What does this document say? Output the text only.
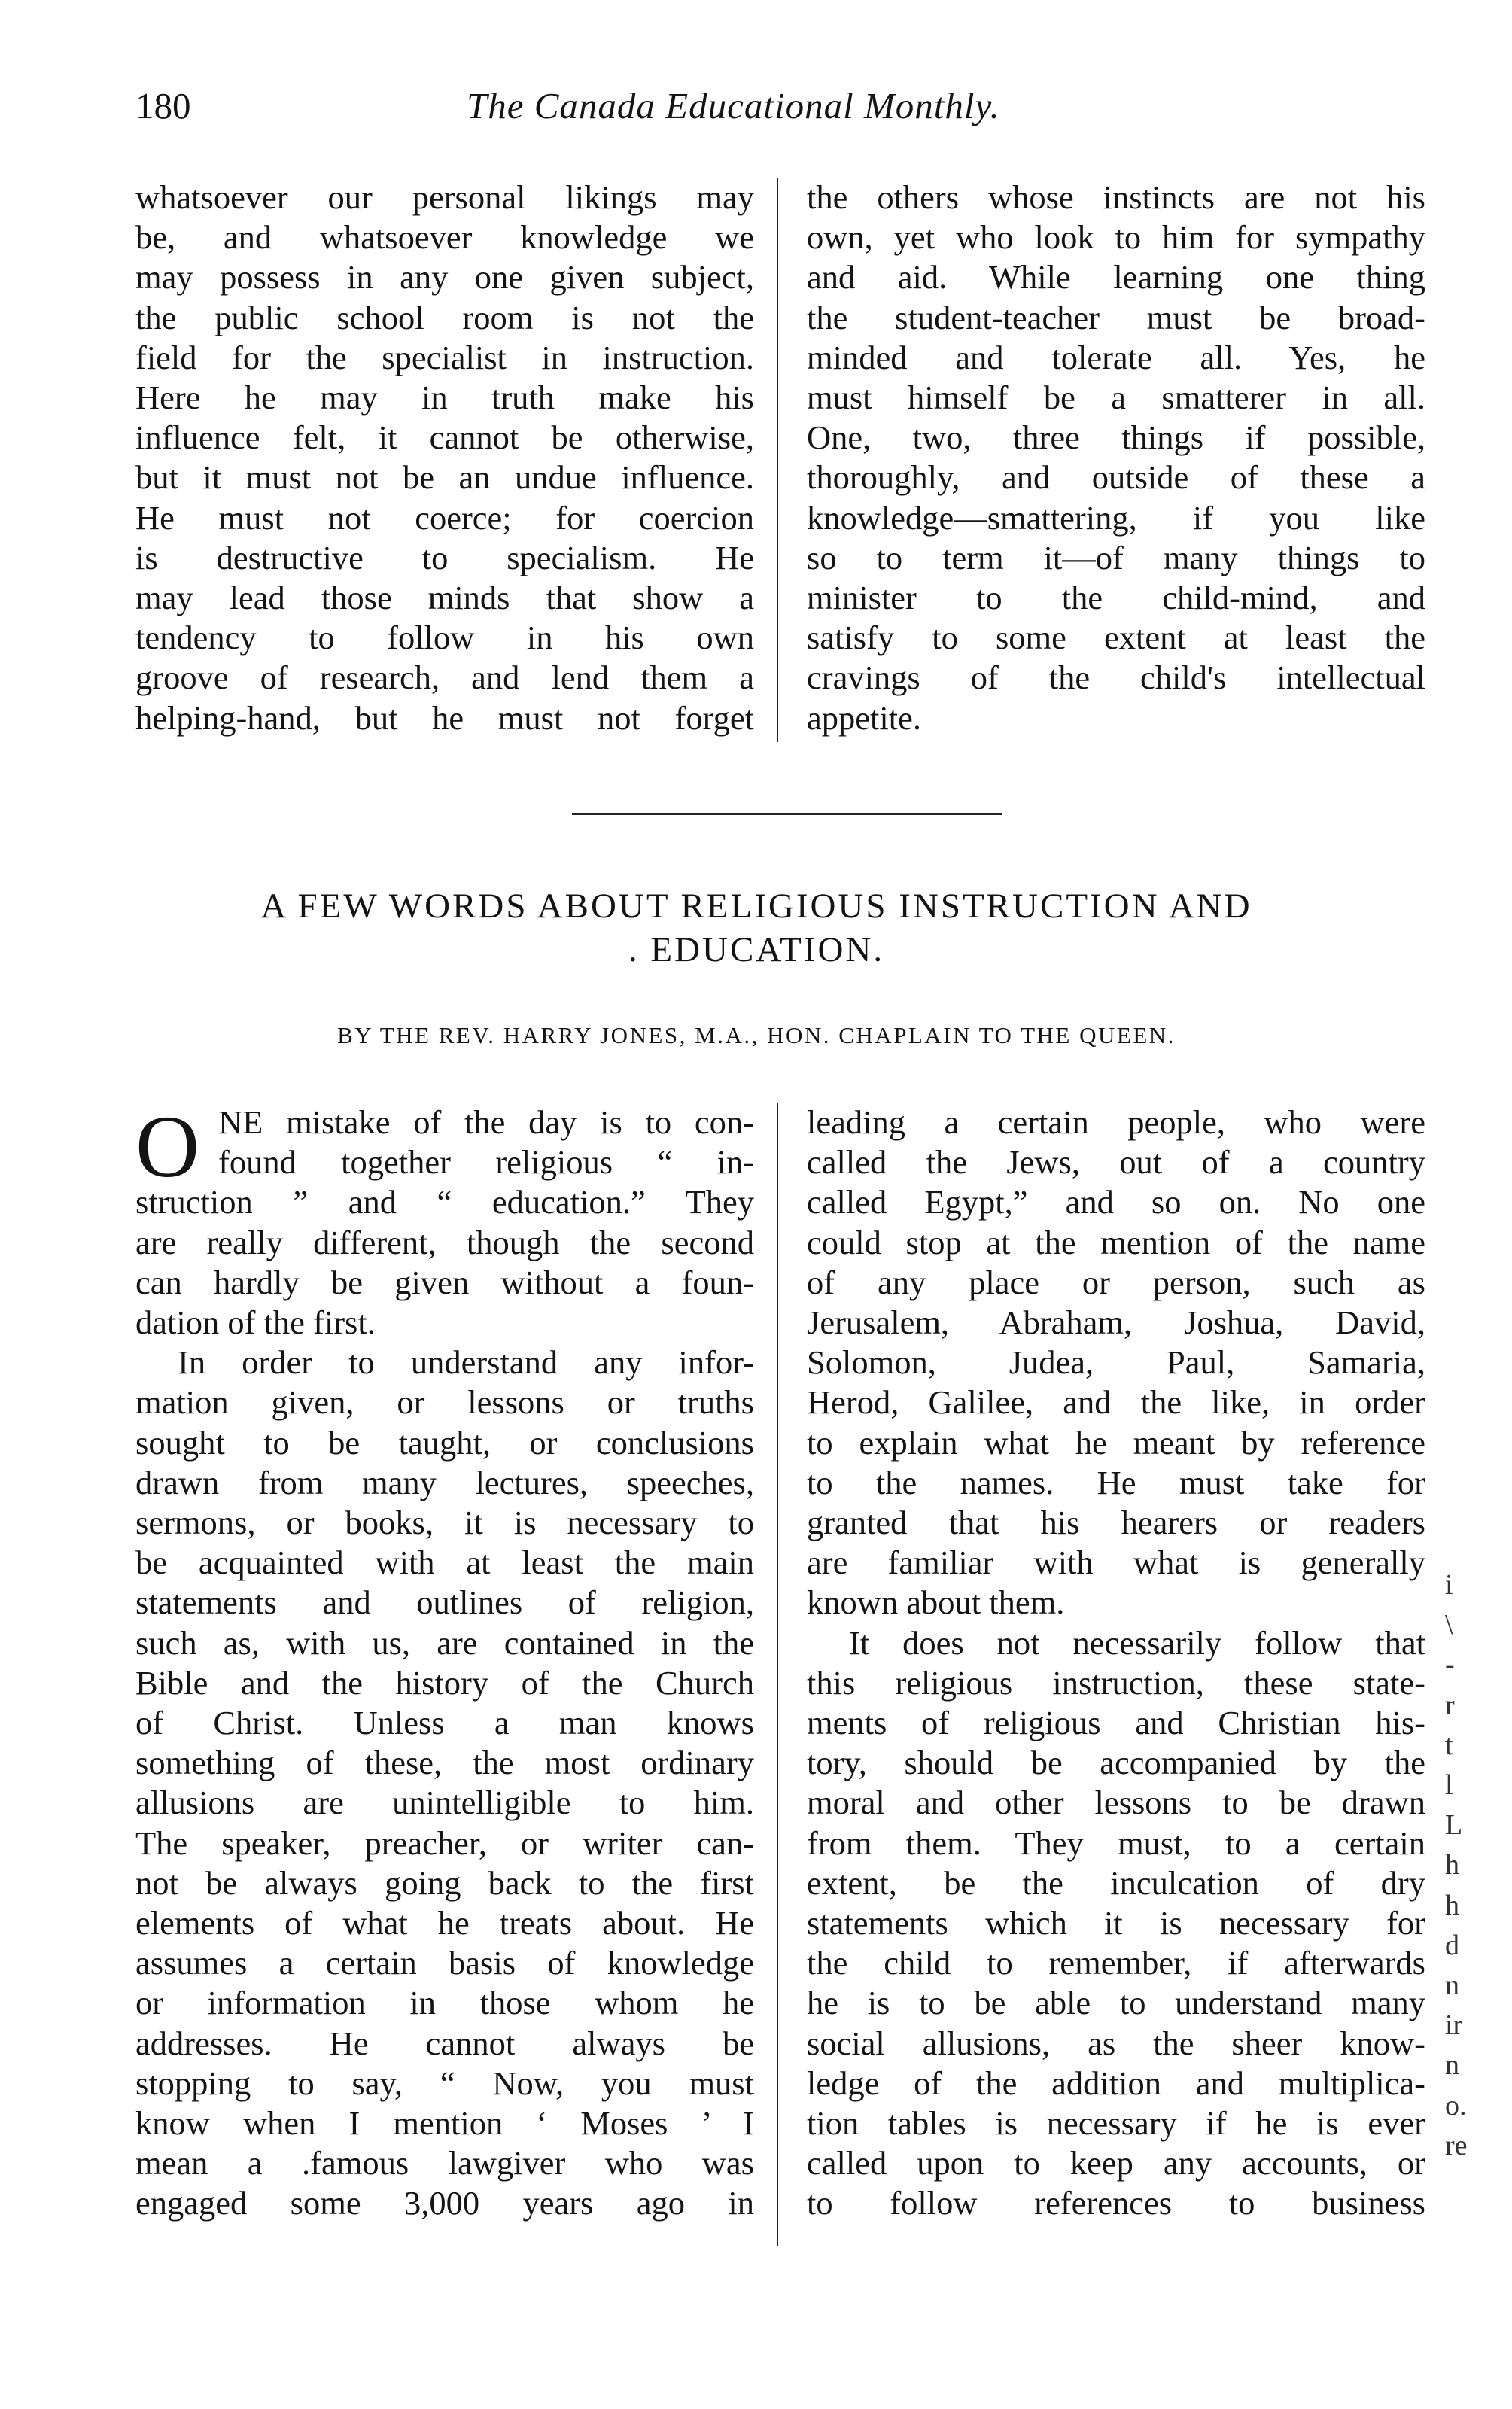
180	The Canada Educational Monthly.
whatsoever our personal likings may
be, and whatsoever knowledge we
may possess in any one given subject,
the public school room is not the
field for the specialist in instruction.
Here he may in truth make his
influence felt, it cannot be otherwise,
but it must not be an undue influence.
He must not coerce; for coercion
is destructive to specialism. He
may lead those minds that show a
tendency to follow in his own
groove of research, and lend them a
helping-hand, but he must not forget
the others whose instincts are not his
own, yet who look to him for sympathy
and aid. While learning one thing
the student-teacher must be broad-
minded and tolerate all. Yes, he
must himself be a smatterer in all.
One, two, three things if possible,
thoroughly, and outside of these a
knowledge—smattering, if you like
so to term it—of many things to
minister to the child-mind, and
satisfy to some extent at least the
cravings of the child's intellectual
appetite.
A FEW WORDS ABOUT RELIGIOUS INSTRUCTION AND
. EDUCATION.
BY THE REV. HARRY JONES, M.A., HON. CHAPLAIN TO THE QUEEN.
O NE mistake of the day is to con-
found together religious “ in-
struction ” and “ education.” They
are really different, though the second
can hardly be given without a foun-
dation of the first.
In order to understand any infor-
mation given, or lessons or truths
sought to be taught, or conclusions
drawn from many lectures, speeches,
sermons, or books, it is necessary to
be acquainted with at least the main
statements and outlines of religion,
such as, with us, are contained in the
Bible and the history of the Church
of Christ. Unless a man knows
something of these, the most ordinary
allusions are unintelligible to him.
The speaker, preacher, or writer can-
not be always going back to the first
elements of what he treats about. He
assumes a certain basis of knowledge
or information in those whom he
addresses. He cannot always be
stopping to say, “ Now, you must
know when I mention ‘ Moses ’ I
mean a .famous lawgiver who was
engaged some 3,000 years ago in
leading a certain people, who were
called the Jews, out of a country
called Egypt,” and so on. No one
could stop at the mention of the name
of any place or person, such as
Jerusalem, Abraham, Joshua, David,
Solomon, Judea, Paul, Samaria,
Herod, Galilee, and the like, in order
to explain what he meant by reference
to the names. He must take for
granted that his hearers or readers
are familiar with what is generally
known about them.
It does not necessarily follow that
this religious instruction, these state-
ments of religious and Christian his-
tory, should be accompanied by the
moral and other lessons to be drawn
from them. They must, to a certain
extent, be the inculcation of dry
statements which it is necessary for
the child to remember, if afterwards
he is to be able to understand many
social allusions, as the sheer know-
ledge of the addition and multiplica-
tion tables is necessary if he is ever
called upon to keep any accounts, or
to follow references to business
i
\
-
r
t
l
L
h
h
d
n
ir
n
o.
re
